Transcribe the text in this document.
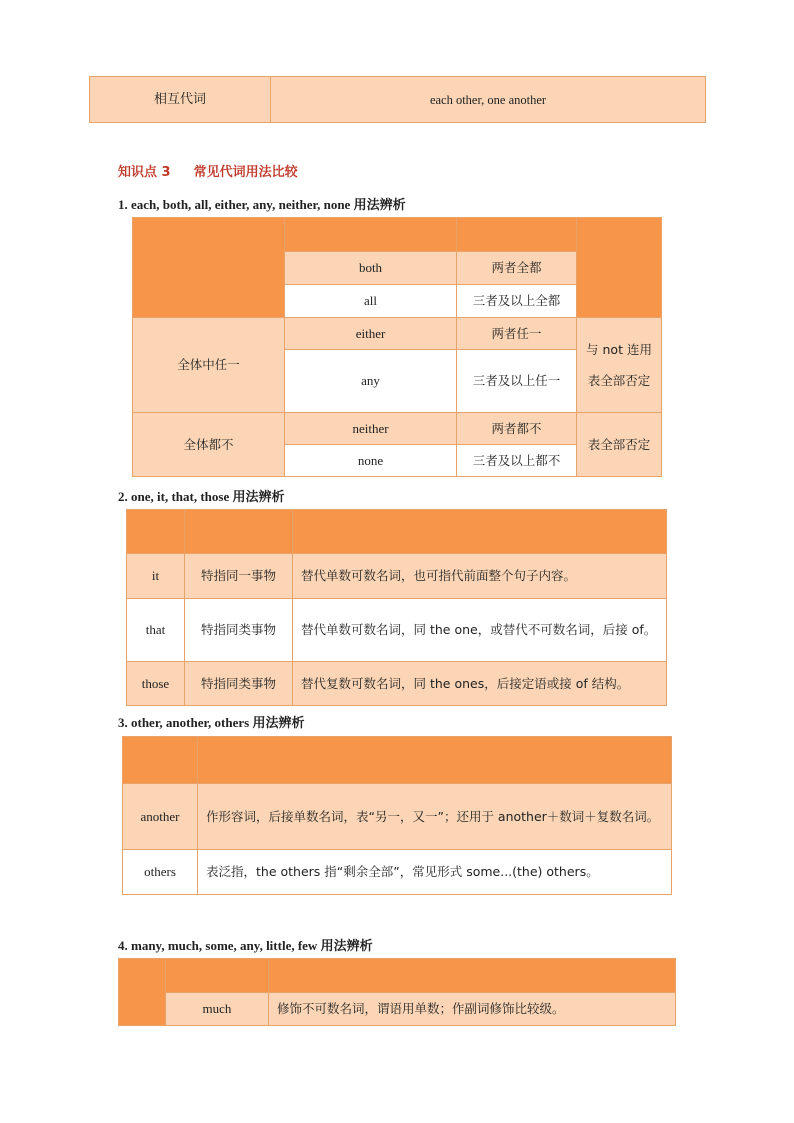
相互代词	each other, one another
知识点 3 常见代词用法比较
1. each, both, all, either, any, neither, none 用法辨析

	both	两者全都	
	all	三者及以上全都	
全体中任一	either	两者任一	与 not 连用表全部否定
	any	三者及以上任一	
全体都不	neither	两者都不	表全部否定
	none	三者及以上都不	
2. one, it, that, those 用法辨析

it	特指同一事物	替代单数可数名词，也可指代前面整个句子内容。
that	特指同类事物	替代单数可数名词，同 the one，或替代不可数名词，后接 of。
those	特指同类事物	替代复数可数名词，同 the ones，后接定语或接 of 结构。
3. other, another, others 用法辨析

another	作形容词，后接单数名词，表“另一，又一”；还用于 another＋数词＋复数名词。
others	表泛指，the others 指“剩余全部”，常见形式 some...(the) others。
4. many, much, some, any, little, few 用法辨析

	much	修饰不可数名词，谓语用单数；作副词修饰比较级。
